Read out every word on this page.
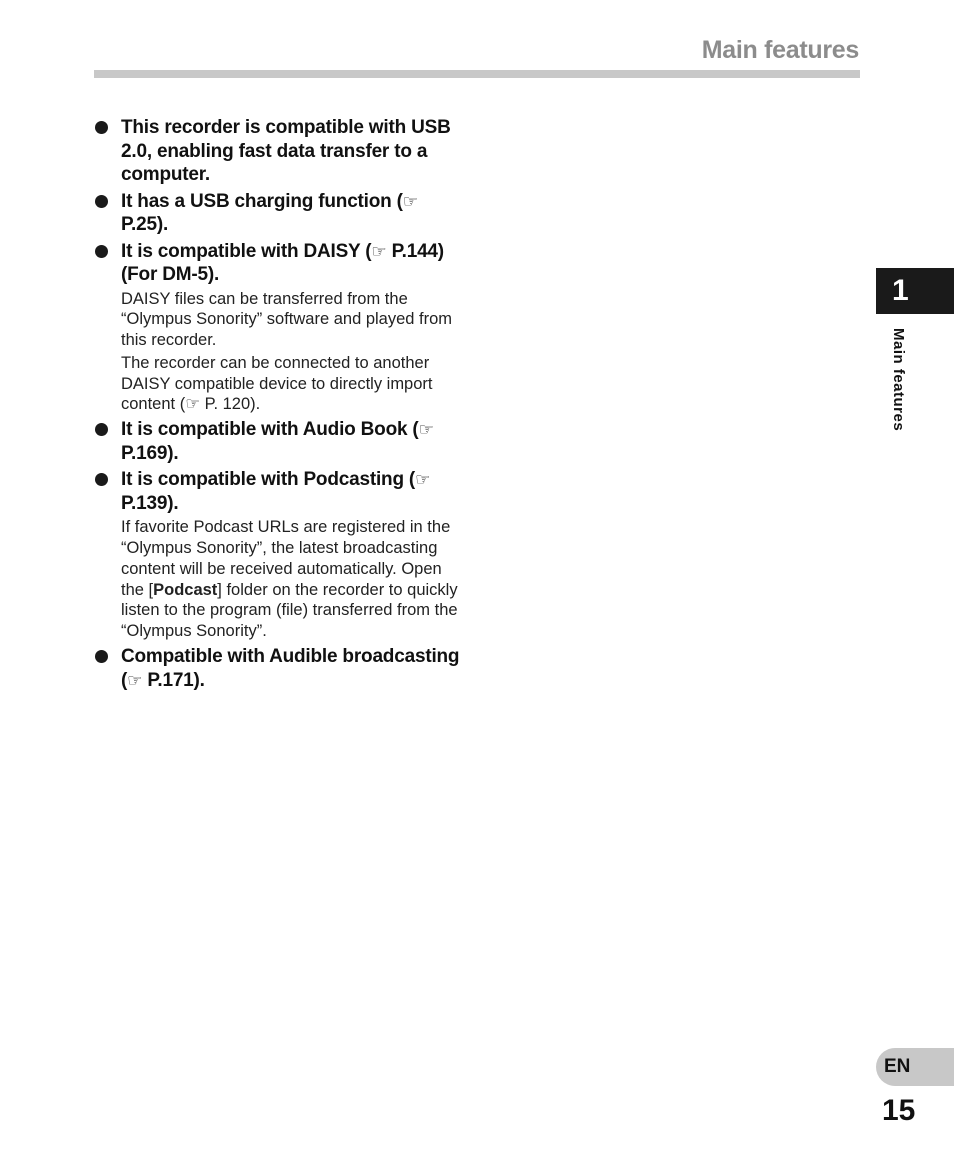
Main features
This recorder is compatible with USB 2.0, enabling fast data transfer to a computer.
It has a USB charging function (☞ P.25).
It is compatible with DAISY (☞ P.144) (For DM-5).
DAISY files can be transferred from the “Olympus Sonority” software and played from this recorder.
The recorder can be connected to another DAISY compatible device to directly import content (☞ P. 120).
It is compatible with Audio Book (☞ P.169).
It is compatible with Podcasting (☞ P.139).
If favorite Podcast URLs are registered in the “Olympus Sonority”, the latest broadcasting content will be received automatically. Open the [Podcast] folder on the recorder to quickly listen to the program (file) transferred from the “Olympus Sonority”.
Compatible with Audible broadcasting (☞ P.171).
1
Main features
EN
15
